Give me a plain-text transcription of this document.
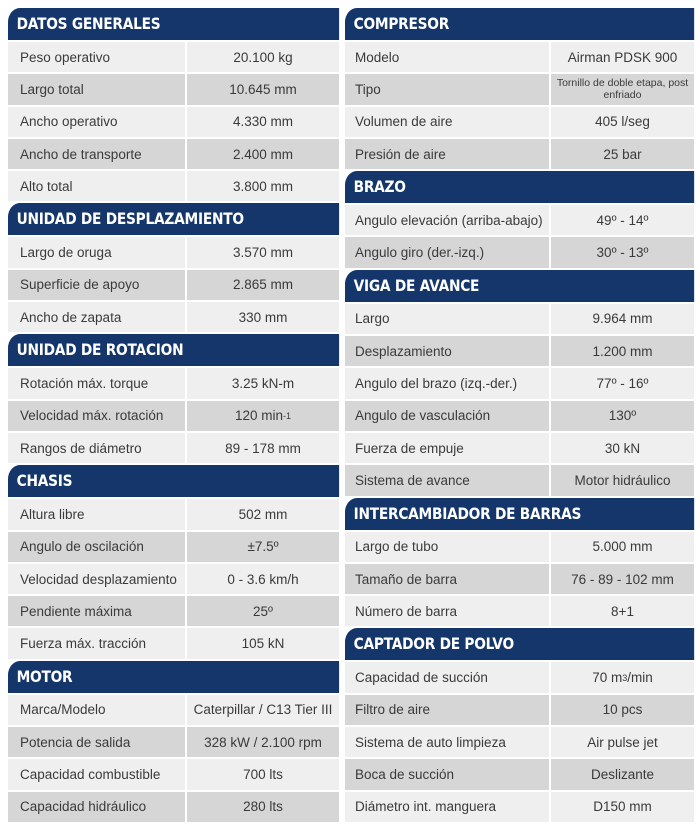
DATOS GENERALES
Peso operativo	20.100 kg
Largo total	10.645 mm
Ancho operativo	4.330 mm
Ancho de transporte	2.400 mm
Alto total	3.800 mm
UNIDAD DE DESPLAZAMIENTO
Largo de oruga	3.570 mm
Superficie de apoyo	2.865 mm
Ancho de zapata	330 mm
UNIDAD DE ROTACION
Rotación máx. torque	3.25 kN-m
Velocidad máx. rotación	120 min -1
Rangos de diámetro	89 - 178 mm
CHASIS
Altura libre	502 mm
Angulo de oscilación	±7.5º
Velocidad desplazamiento	0 - 3.6 km/h
Pendiente máxima	25º
Fuerza máx. tracción	105 kN
MOTOR
Marca/Modelo	Caterpillar / C13 Tier III
Potencia de salida	328 kW / 2.100 rpm
Capacidad combustible	700 lts
Capacidad hidráulico	280 lts
COMPRESOR
Modelo	Airman PDSK 900
Tipo	Tornillo de doble etapa, post enfriado
Volumen de aire	405 l/seg
Presión de aire	25 bar
BRAZO
Angulo elevación (arriba-abajo)	49º - 14º
Angulo giro (der.-izq.)	30º - 13º
VIGA DE AVANCE
Largo	9.964 mm
Desplazamiento	1.200 mm
Angulo del brazo (izq.-der.)	77º - 16º
Angulo de vasculación	130º
Fuerza de empuje	30 kN
Sistema de avance	Motor hidráulico
INTERCAMBIADOR DE BARRAS
Largo de tubo	5.000 mm
Tamaño de barra	76 - 89 - 102 mm
Número de barra	8+1
CAPTADOR DE POLVO
Capacidad de succión	70 m 3 /min
Filtro de aire	10 pcs
Sistema de auto limpieza	Air pulse jet
Boca de succión	Deslizante
Diámetro int. manguera	D150 mm
